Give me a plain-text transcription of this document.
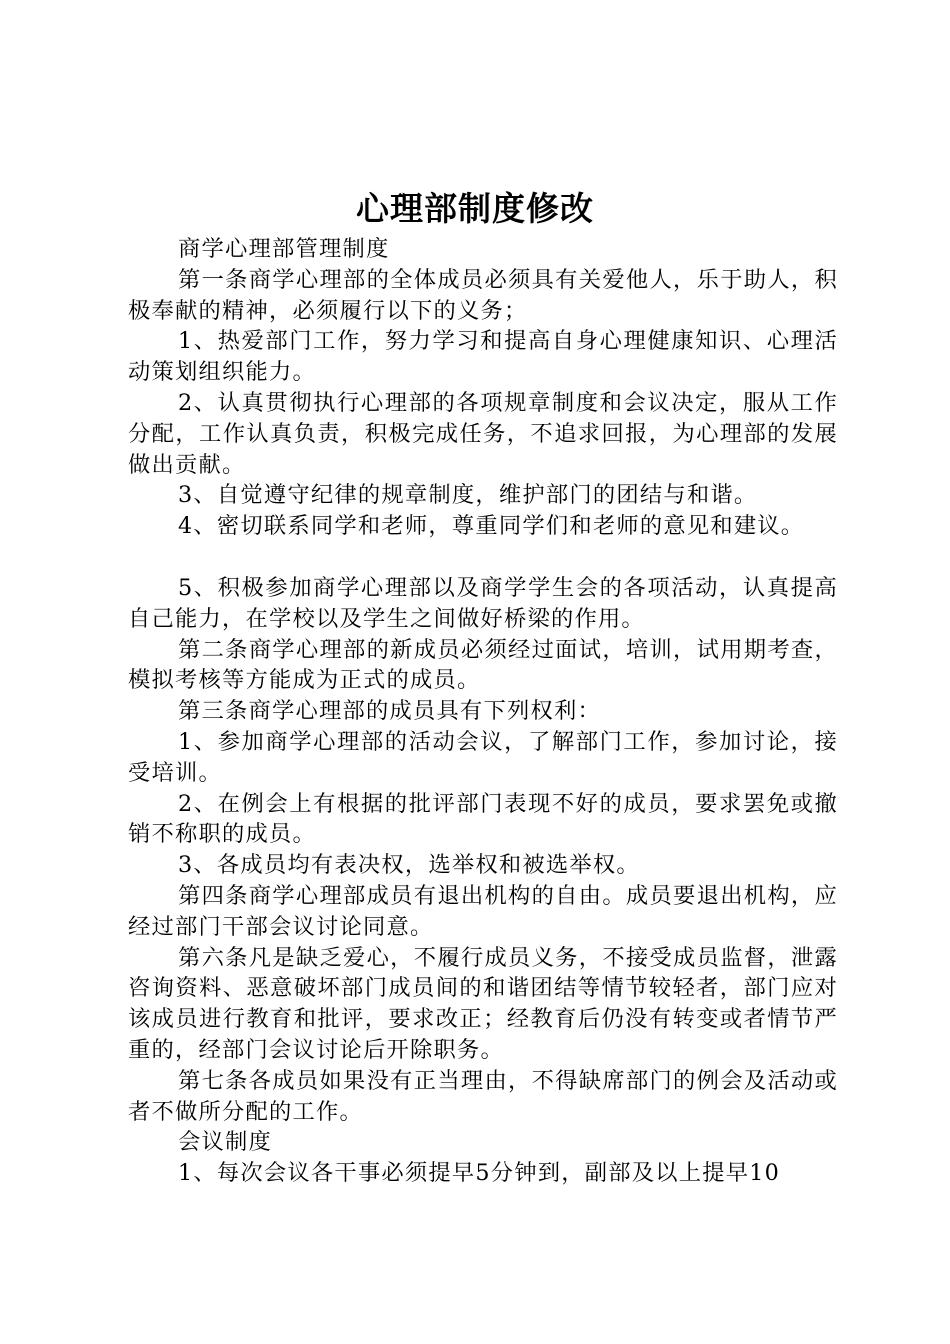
心理部制度修改

商学心理部管理制度

第一条商学心理部的全体成员必须具有关爱他人，乐于助人，积极奉献的精神，必须履行以下的义务；

1、热爱部门工作，努力学习和提高自身心理健康知识、心理活动策划组织能力。

2、认真贯彻执行心理部的各项规章制度和会议决定，服从工作分配，工作认真负责，积极完成任务，不追求回报，为心理部的发展做出贡献。

3、自觉遵守纪律的规章制度，维护部门的团结与和谐。

4、密切联系同学和老师，尊重同学们和老师的意见和建议。

5、积极参加商学心理部以及商学学生会的各项活动，认真提高自己能力，在学校以及学生之间做好桥梁的作用。

第二条商学心理部的新成员必须经过面试，培训，试用期考查，模拟考核等方能成为正式的成员。

第三条商学心理部的成员具有下列权利：

1、参加商学心理部的活动会议，了解部门工作，参加讨论，接受培训。

2、在例会上有根据的批评部门表现不好的成员，要求罢免或撤销不称职的成员。

3、各成员均有表决权，选举权和被选举权。

第四条商学心理部成员有退出机构的自由。成员要退出机构，应经过部门干部会议讨论同意。

第六条凡是缺乏爱心，不履行成员义务，不接受成员监督，泄露咨询资料、恶意破坏部门成员间的和谐团结等情节较轻者，部门应对该成员进行教育和批评，要求改正；经教育后仍没有转变或者情节严重的，经部门会议讨论后开除职务。

第七条各成员如果没有正当理由，不得缺席部门的例会及活动或者不做所分配的工作。

会议制度

1、每次会议各干事必须提早5分钟到，副部及以上提早10
